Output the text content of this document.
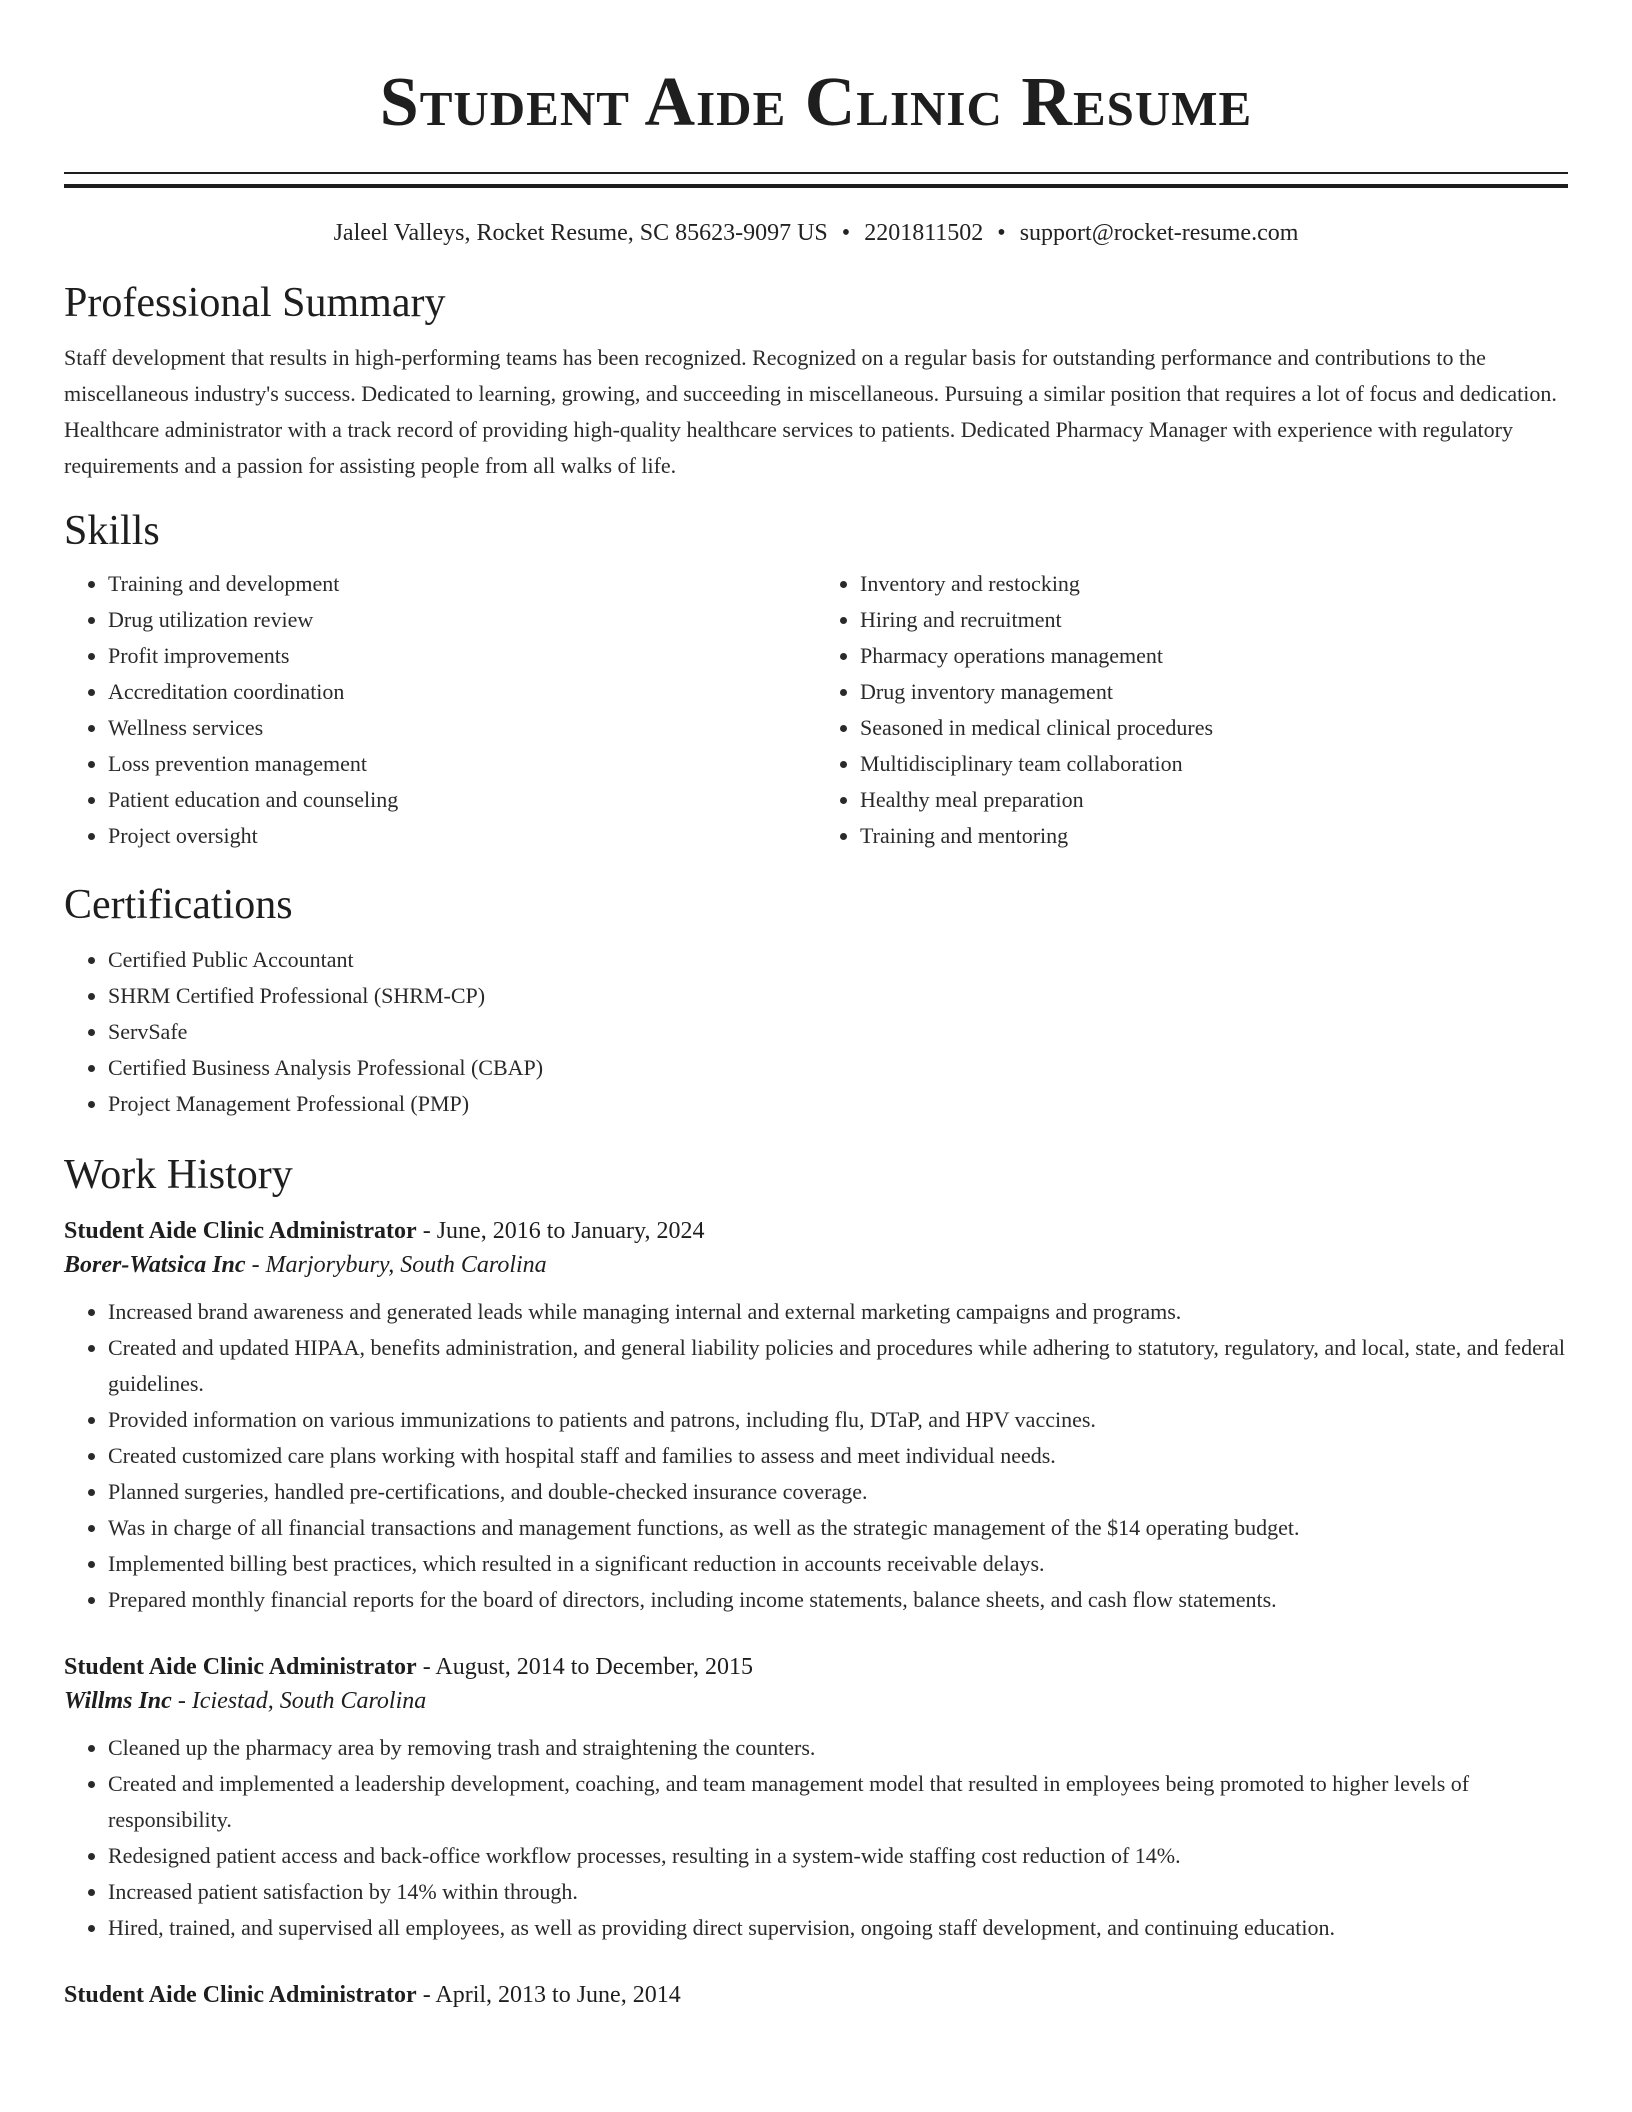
Student Aide Clinic Resume
Jaleel Valleys, Rocket Resume, SC 85623-9097 US • 2201811502 • support@rocket-resume.com
Professional Summary

Staff development that results in high-performing teams has been recognized. Recognized on a regular basis for outstanding performance and contributions to the miscellaneous industry's success. Dedicated to learning, growing, and succeeding in miscellaneous. Pursuing a similar position that requires a lot of focus and dedication. Healthcare administrator with a track record of providing high-quality healthcare services to patients. Dedicated Pharmacy Manager with experience with regulatory requirements and a passion for assisting people from all walks of life.

Skills
• Training and development
• Drug utilization review
• Profit improvements
• Accreditation coordination
• Wellness services
• Loss prevention management
• Patient education and counseling
• Project oversight
• Inventory and restocking
• Hiring and recruitment
• Pharmacy operations management
• Drug inventory management
• Seasoned in medical clinical procedures
• Multidisciplinary team collaboration
• Healthy meal preparation
• Training and mentoring
Certifications
• Certified Public Accountant
• SHRM Certified Professional (SHRM-CP)
• ServSafe
• Certified Business Analysis Professional (CBAP)
• Project Management Professional (PMP)
Work History
Student Aide Clinic Administrator - June, 2016 to January, 2024
Borer-Watsica Inc - Marjorybury, South Carolina
• Increased brand awareness and generated leads while managing internal and external marketing campaigns and programs.
• Created and updated HIPAA, benefits administration, and general liability policies and procedures while adhering to statutory, regulatory, and local, state, and federal guidelines.
• Provided information on various immunizations to patients and patrons, including flu, DTaP, and HPV vaccines.
• Created customized care plans working with hospital staff and families to assess and meet individual needs.
• Planned surgeries, handled pre-certifications, and double-checked insurance coverage.
• Was in charge of all financial transactions and management functions, as well as the strategic management of the $14 operating budget.
• Implemented billing best practices, which resulted in a significant reduction in accounts receivable delays.
• Prepared monthly financial reports for the board of directors, including income statements, balance sheets, and cash flow statements.
Student Aide Clinic Administrator - August, 2014 to December, 2015
Willms Inc - Iciestad, South Carolina
• Cleaned up the pharmacy area by removing trash and straightening the counters.
• Created and implemented a leadership development, coaching, and team management model that resulted in employees being promoted to higher levels of responsibility.
• Redesigned patient access and back-office workflow processes, resulting in a system-wide staffing cost reduction of 14%.
• Increased patient satisfaction by 14% within through.
• Hired, trained, and supervised all employees, as well as providing direct supervision, ongoing staff development, and continuing education.
Student Aide Clinic Administrator - April, 2013 to June, 2014
